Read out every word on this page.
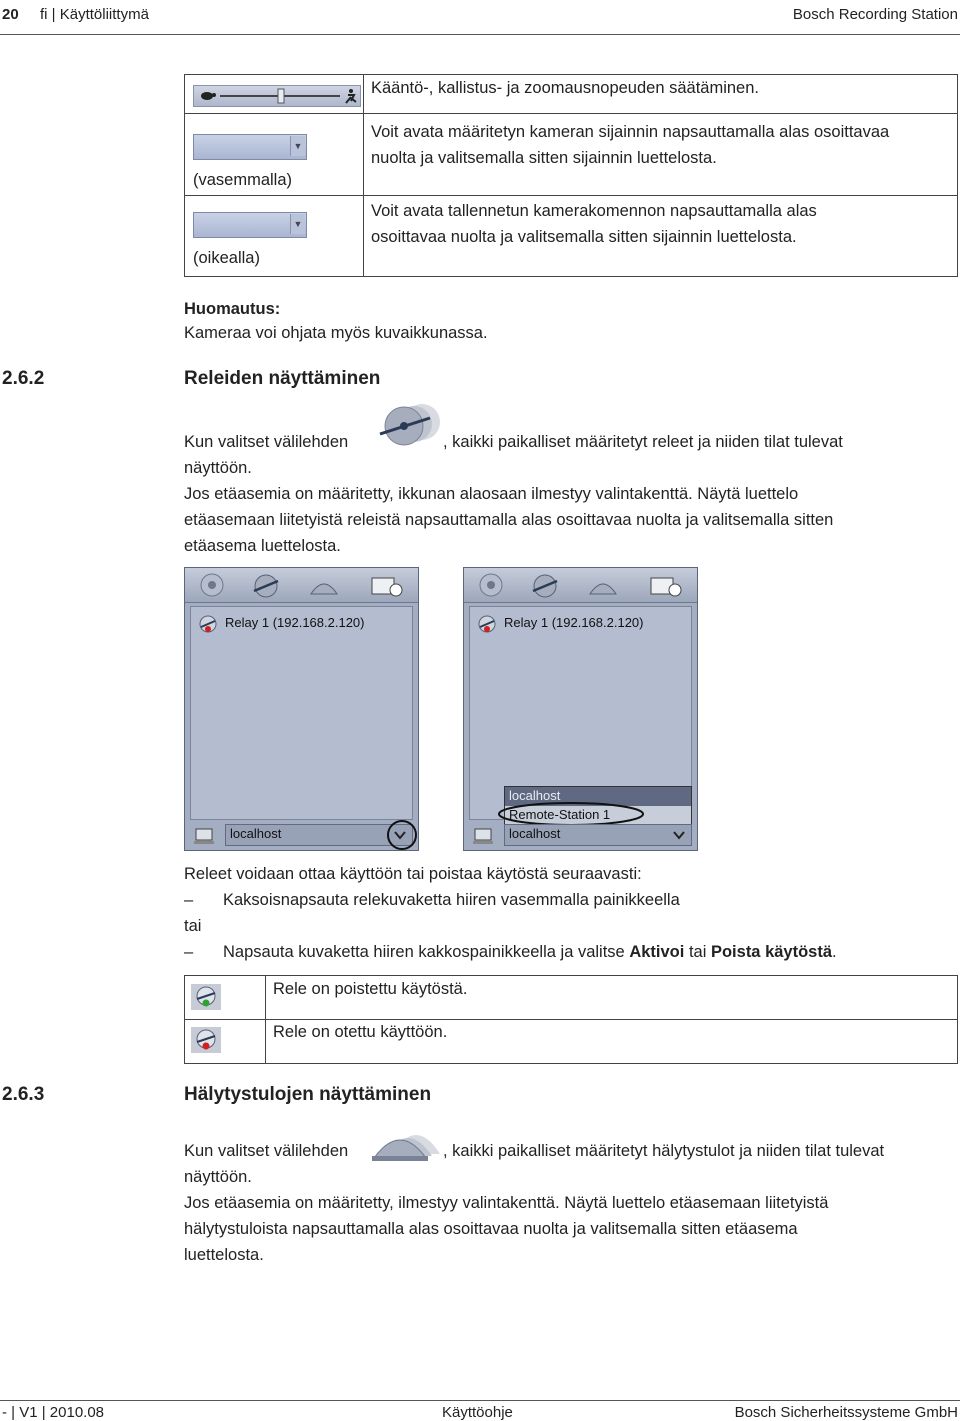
20 fi | Käyttöliittymä	Bosch Recording Station
Kääntö-, kallistus- ja zoomausnopeuden säätäminen.
▼
(vasemmalla)
Voit avata määritetyn kameran sijainnin napsauttamalla alas osoittavaa
nuolta ja valitsemalla sitten sijainnin luettelosta.
▼
(oikealla)
Voit avata tallennetun kamerakomennon napsauttamalla alas
osoittavaa nuolta ja valitsemalla sitten sijainnin luettelosta.
Huomautus:
Kameraa voi ohjata myös kuvaikkunassa.
2.6.2	Releiden näyttäminen
Kun valitset välilehden	, kaikki paikalliset määritetyt releet ja niiden tilat tulevat
näyttöön.
Jos etäasemia on määritetty, ikkunan alaosaan ilmestyy valintakenttä. Näytä luettelo
etäasemaan liitetyistä releistä napsauttamalla alas osoittavaa nuolta ja valitsemalla sitten
etäasema luettelosta.
Relay 1 (192.168.2.120)
localhost
Relay 1 (192.168.2.120)
localhost
Remote-Station 1
localhost
Releet voidaan ottaa käyttöön tai poistaa käytöstä seuraavasti:
– Kaksoisnapsauta relekuvaketta hiiren vasemmalla painikkeella
tai
– Napsauta kuvaketta hiiren kakkospainikkeella ja valitse Aktivoi tai Poista käytöstä.
Rele on poistettu käytöstä.
Rele on otettu käyttöön.
2.6.3	Hälytystulojen näyttäminen
Kun valitset välilehden	, kaikki paikalliset määritetyt hälytystulot ja niiden tilat tulevat
näyttöön.
Jos etäasemia on määritetty, ilmestyy valintakenttä. Näytä luettelo etäasemaan liitetyistä
hälytystuloista napsauttamalla alas osoittavaa nuolta ja valitsemalla sitten etäasema
luettelosta.
- | V1 | 2010.08	Käyttöohje	Bosch Sicherheitssysteme GmbH
